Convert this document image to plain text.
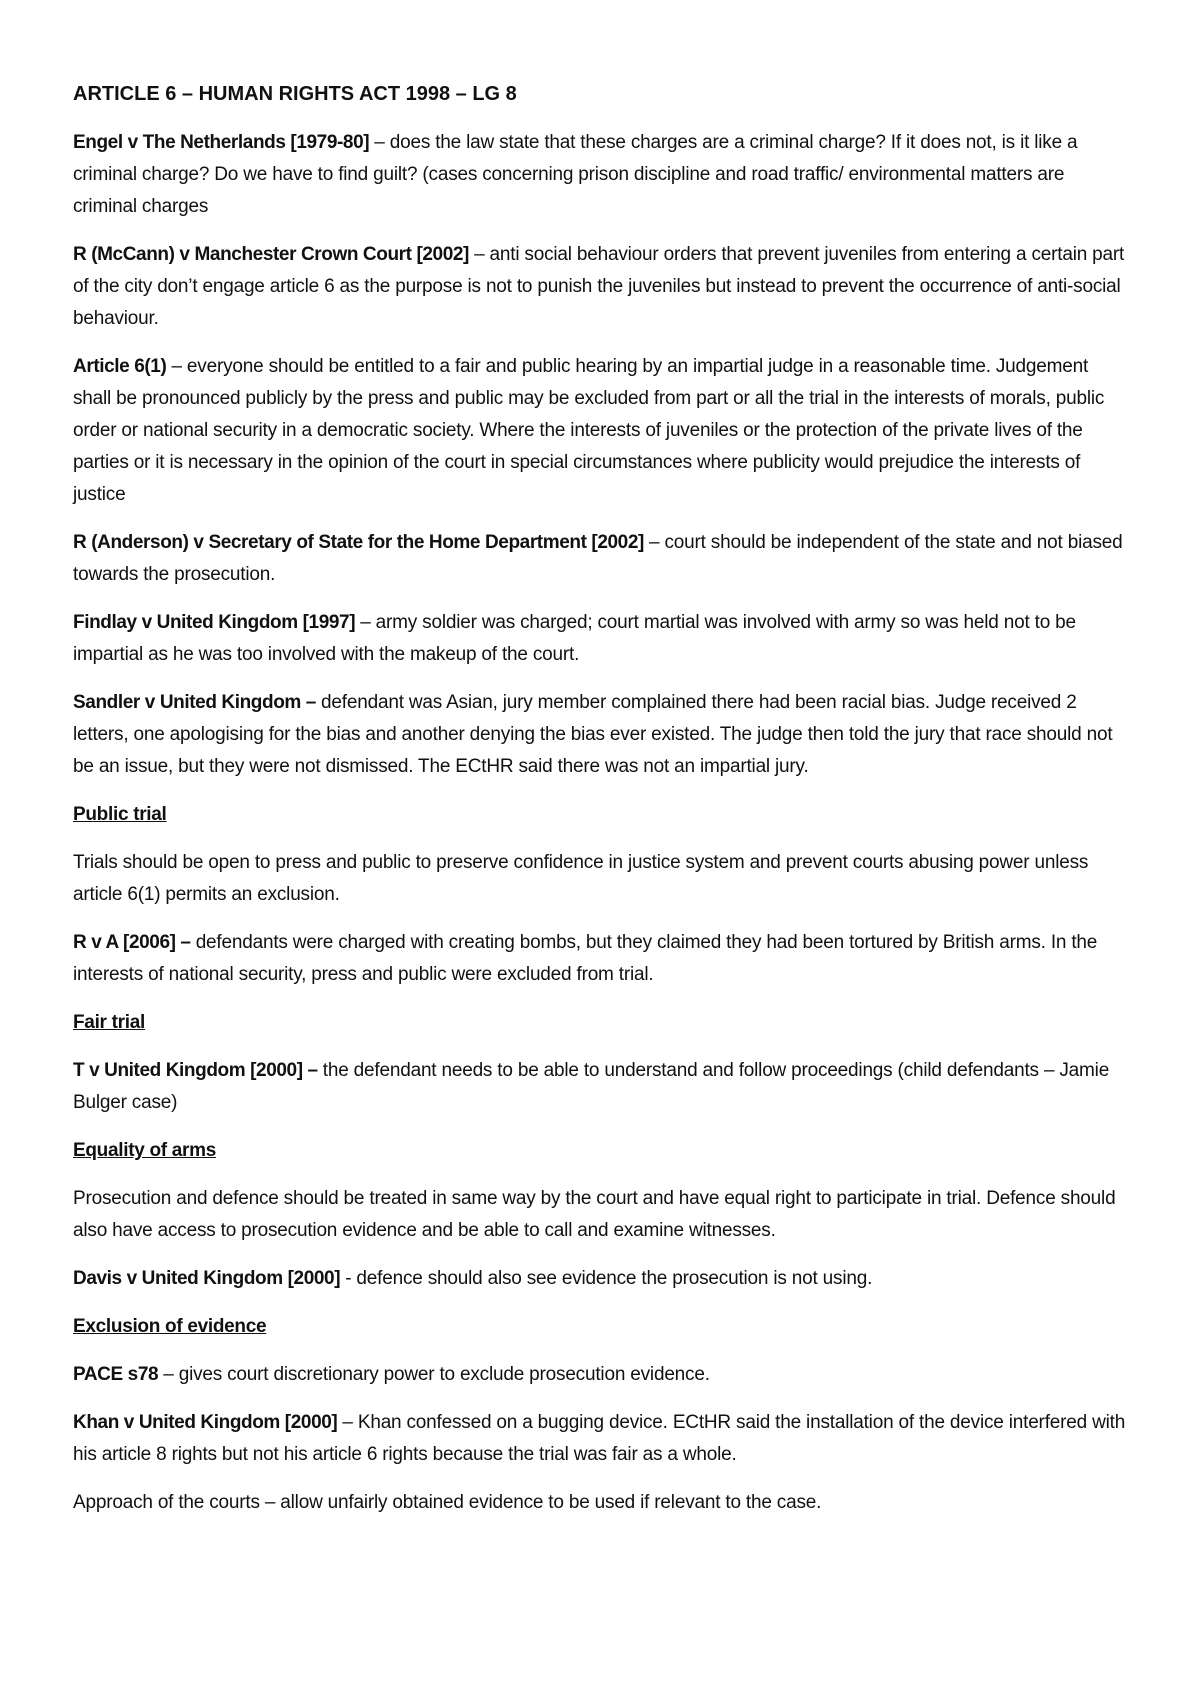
ARTICLE 6 – HUMAN RIGHTS ACT 1998 – LG 8

Engel v The Netherlands [1979-80] – does the law state that these charges are a criminal charge? If it does not, is it like a criminal charge? Do we have to find guilt? (cases concerning prison discipline and road traffic/ environmental matters are criminal charges

R (McCann) v Manchester Crown Court [2002] – anti social behaviour orders that prevent juveniles from entering a certain part of the city don’t engage article 6 as the purpose is not to punish the juveniles but instead to prevent the occurrence of anti-social behaviour.

Article 6(1) – everyone should be entitled to a fair and public hearing by an impartial judge in a reasonable time. Judgement shall be pronounced publicly by the press and public may be excluded from part or all the trial in the interests of morals, public order or national security in a democratic society. Where the interests of juveniles or the protection of the private lives of the parties or it is necessary in the opinion of the court in special circumstances where publicity would prejudice the interests of justice

R (Anderson) v Secretary of State for the Home Department [2002] – court should be independent of the state and not biased towards the prosecution.

Findlay v United Kingdom [1997] – army soldier was charged; court martial was involved with army so was held not to be impartial as he was too involved with the makeup of the court.

Sandler v United Kingdom – defendant was Asian, jury member complained there had been racial bias. Judge received 2 letters, one apologising for the bias and another denying the bias ever existed. The judge then told the jury that race should not be an issue, but they were not dismissed. The ECtHR said there was not an impartial jury.

Public trial

Trials should be open to press and public to preserve confidence in justice system and prevent courts abusing power unless article 6(1) permits an exclusion.

R v A [2006] – defendants were charged with creating bombs, but they claimed they had been tortured by British arms. In the interests of national security, press and public were excluded from trial.

Fair trial

T v United Kingdom [2000] – the defendant needs to be able to understand and follow proceedings (child defendants – Jamie Bulger case)

Equality of arms

Prosecution and defence should be treated in same way by the court and have equal right to participate in trial. Defence should also have access to prosecution evidence and be able to call and examine witnesses.

Davis v United Kingdom [2000] - defence should also see evidence the prosecution is not using.

Exclusion of evidence

PACE s78 – gives court discretionary power to exclude prosecution evidence.

Khan v United Kingdom [2000] – Khan confessed on a bugging device. ECtHR said the installation of the device interfered with his article 8 rights but not his article 6 rights because the trial was fair as a whole.

Approach of the courts – allow unfairly obtained evidence to be used if relevant to the case.
